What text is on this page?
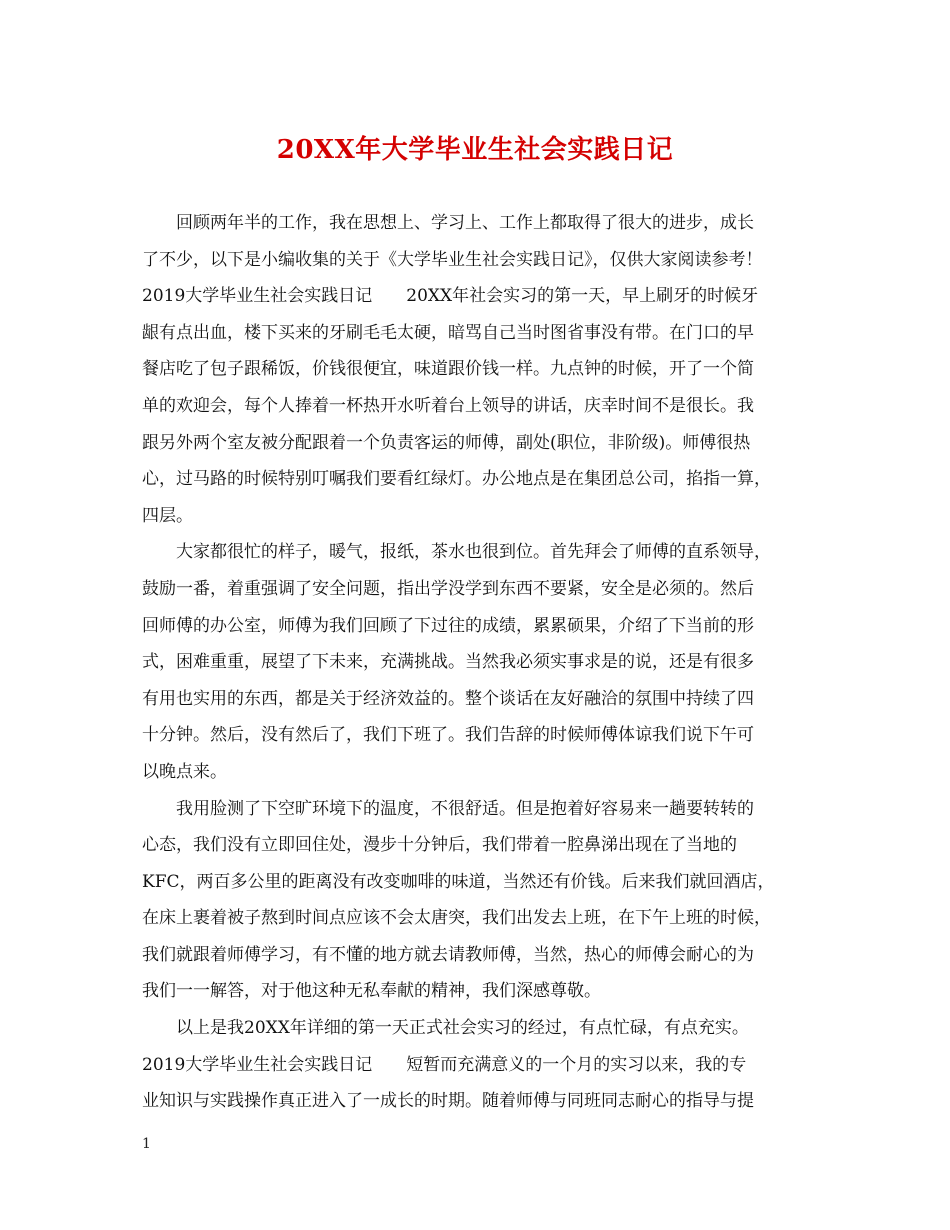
20XX年大学毕业生社会实践日记
　　回顾两年半的工作，我在思想上、学习上、工作上都取得了很大的进步，成长
了不少，以下是小编收集的关于《大学毕业生社会实践日记》，仅供大家阅读参考！
2019大学毕业生社会实践日记　　20XX年社会实习的第一天，早上刷牙的时候牙
龈有点出血，楼下买来的牙刷毛毛太硬，暗骂自己当时图省事没有带。在门口的早
餐店吃了包子跟稀饭，价钱很便宜，味道跟价钱一样。九点钟的时候，开了一个简
单的欢迎会，每个人捧着一杯热开水听着台上领导的讲话，庆幸时间不是很长。我
跟另外两个室友被分配跟着一个负责客运的师傅，副处(职位，非阶级)。师傅很热
心，过马路的时候特别叮嘱我们要看红绿灯。办公地点是在集团总公司，掐指一算，
四层。
　　大家都很忙的样子，暖气，报纸，茶水也很到位。首先拜会了师傅的直系领导，
鼓励一番，着重强调了安全问题，指出学没学到东西不要紧，安全是必须的。然后
回师傅的办公室，师傅为我们回顾了下过往的成绩，累累硕果，介绍了下当前的形
式，困难重重，展望了下未来，充满挑战。当然我必须实事求是的说，还是有很多
有用也实用的东西，都是关于经济效益的。整个谈话在友好融洽的氛围中持续了四
十分钟。然后，没有然后了，我们下班了。我们告辞的时候师傅体谅我们说下午可
以晚点来。
　　我用脸测了下空旷环境下的温度，不很舒适。但是抱着好容易来一趟要转转的
心态，我们没有立即回住处，漫步十分钟后，我们带着一腔鼻涕出现在了当地的
KFC，两百多公里的距离没有改变咖啡的味道，当然还有价钱。后来我们就回酒店，
在床上裹着被子熬到时间点应该不会太唐突，我们出发去上班，在下午上班的时候，
我们就跟着师傅学习，有不懂的地方就去请教师傅，当然，热心的师傅会耐心的为
我们一一解答，对于他这种无私奉献的精神，我们深感尊敬。
　　以上是我20XX年详细的第一天正式社会实习的经过，有点忙碌，有点充实。
2019大学毕业生社会实践日记　　短暂而充满意义的一个月的实习以来，我的专
业知识与实践操作真正进入了一成长的时期。随着师傅与同班同志耐心的指导与提
1
